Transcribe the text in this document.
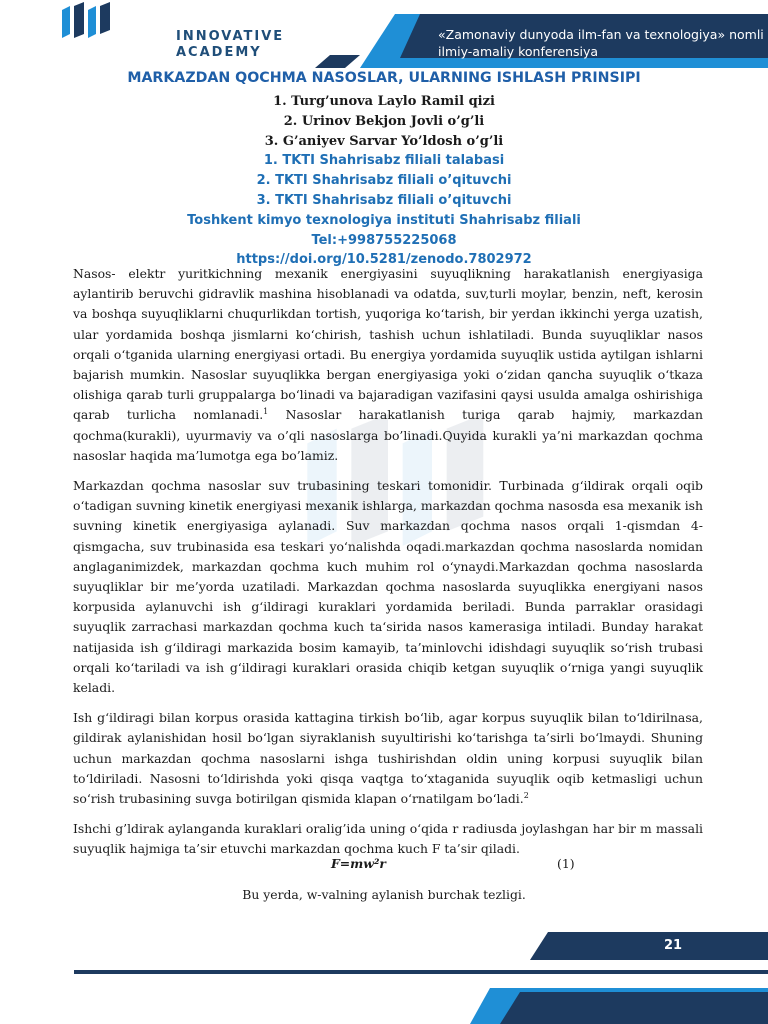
INNOVATIVE
ACADEMY
«Zamonaviy dunyoda ilm-fan va texnologiya» nomli
ilmiy-amaliy konferensiya
MARKAZDAN QOCHMA NASOSLAR, ULARNING ISHLASH PRINSIPI
1. Turg’unova Laylo Ramil qizi
2. Urinov Bekjon Jovli o’g’li
3. G’aniyev Sarvar Yo’ldosh o’g’li
1. TKTI Shahrisabz filiali talabasi
2. TKTI Shahrisabz filiali o’qituvchi
3. TKTI Shahrisabz filiali o’qituvchi
Toshkent kimyo texnologiya instituti Shahrisabz filiali
Tel:+998755225068
https://doi.org/10.5281/zenodo.7802972

Nasos- elektr yuritkichning mexanik energiyasini suyuqlikning harakatlanish energiyasiga aylantirib beruvchi gidravlik mashina hisoblanadi va odatda, suv,turli moylar, benzin, neft, kerosin va boshqa suyuqliklarni chuqurlikdan tortish, yuqoriga ko‘tarish, bir yerdan ikkinchi yerga uzatish, ular yordamida boshqa jismlarni ko‘chirish, tashish uchun ishlatiladi. Bunda suyuqliklar nasos orqali o‘tganida ularning energiyasi ortadi. Bu energiya yordamida suyuqlik ustida aytilgan ishlarni bajarish mumkin. Nasoslar suyuqlikka bergan energiyasiga yoki o‘zidan qancha suyuqlik o‘tkaza olishiga qarab turli gruppalarga bo‘linadi va bajaradigan vazifasini qaysi usulda amalga oshirishiga qarab turlicha nomlanadi.$^1$ Nasoslar harakatlanish turiga qarab hajmiy, markazdan qochma(kurakli), uyurmaviy va o’qli nasoslarga bo’linadi.Quyida kurakli ya’ni markazdan qochma nasoslar haqida ma’lumotga ega bo’lamiz.

Markazdan qochma nasoslar suv trubasining teskari tomonidir. Turbinada g‘ildirak orqali oqib o‘tadigan suvning kinetik energiyasi mexanik ishlarga, markazdan qochma nasosda esa mexanik ish suvning kinetik energiyasiga aylanadi. Suv markazdan qochma nasos orqali 1-qismdan 4-qismgacha, suv trubinasida esa teskari yo‘nalishda oqadi.markazdan qochma nasoslarda nomidan anglaganimizdek, markazdan qochma kuch muhim rol o‘ynaydi.Markazdan qochma nasoslarda suyuqliklar bir me’yorda uzatiladi. Markazdan qochma nasoslarda suyuqlikka energiyani nasos korpusida aylanuvchi ish g‘ildiragi kuraklari yordamida beriladi. Bunda parraklar orasidagi suyuqlik zarrachasi markazdan qochma kuch ta‘sirida nasos kamerasiga intiladi. Bunday harakat natijasida ish g‘ildiragi markazida bosim kamayib, ta’minlovchi idishdagi suyuqlik so‘rish trubasi orqali ko‘tariladi va ish g‘ildiragi kuraklari orasida chiqib ketgan suyuqlik o‘rniga yangi suyuqlik keladi.

Ish g‘ildiragi bilan korpus orasida kattagina tirkish bo‘lib, agar korpus suyuqlik bilan to‘ldirilnasa, gildirak aylanishidan hosil bo‘lgan siyraklanish suyultirishi ko‘tarishga ta’sirli bo‘lmaydi. Shuning uchun markazdan qochma nasoslarni ishga tushirishdan oldin uning korpusi suyuqlik bilan to‘ldiriladi. Nasosni to‘ldirishda yoki qisqa vaqtga to‘xtaganida suyuqlik oqib ketmasligi uchun so‘rish trubasining suvga botirilgan qismida klapan o‘rnatilgam bo‘ladi.$^2$

Ishchi g’ldirak aylanganda kuraklari oralig’ida uning o‘qida r radiusda joylashgan har bir m massali suyuqlik hajmiga ta’sir etuvchi markazdan qochma kuch F ta’sir qiladi.

F=mw²r	(1)
Bu yerda, w-valning aylanish burchak tezligi.
21
